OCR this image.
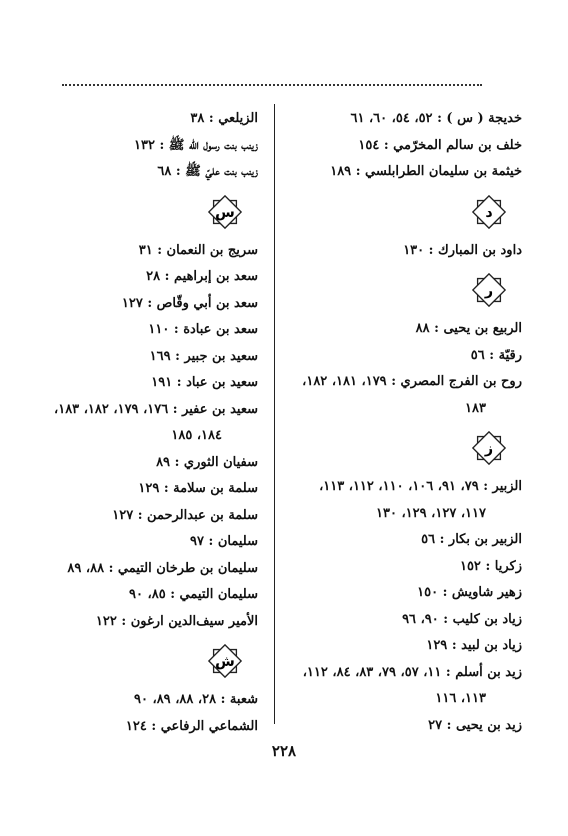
خديجة ( س ) : ٥٢، ٥٤، ٦٠، ٦١
خلف بن سالم المخرّمي : ١٥٤
خيثمة بن سليمان الطرابلسي : ١٨٩
د
داود بن المبارك : ١٣٠
ر
الربيع بن يحيى : ٨٨
رقيّة : ٥٦
روح بن الفرج المصري : ١٧٩، ١٨١، ١٨٢،
١٨٣
ز
الزبير : ٧٩، ٩١، ١٠٦، ١١٠، ١١٢، ١١٣،
١١٧، ١٢٧، ١٢٩، ١٣٠
الزبير بن بكار : ٥٦
زكريا : ١٥٢
زهير شاويش : ١٥٠
زياد بن كليب : ٩٠، ٩٦
زياد بن لبيد : ١٢٩
زيد بن أسلم : ١١، ٥٧، ٧٩، ٨٣، ٨٤، ١١٢،
١١٣، ١١٦
زيد بن يحيى : ٢٧
الزيلعي : ٣٨
زينب بنت رسول الله ﷺ : ١٣٢
زينب بنت عليّ ﷺ : ٦٨
س
سريج بن النعمان : ٣١
سعد بن إبراهيم : ٢٨
سعد بن أبي وقّاص : ١٢٧
سعد بن عبادة : ١١٠
سعيد بن جبير : ١٦٩
سعيد بن عباد : ١٩١
سعيد بن عفير : ١٧٦، ١٧٩، ١٨٢، ١٨٣،
١٨٤، ١٨٥
سفيان الثوري : ٨٩
سلمة بن سلامة : ١٢٩
سلمة بن عبدالرحمن : ١٢٧
سليمان : ٩٧
سليمان بن طرخان التيمي : ٨٨، ٨٩
سليمان التيمي : ٨٥، ٩٠
الأمير سيف‌الدين ارغون : ١٢٢
ش
شعبة : ٢٨، ٨٨، ٨٩، ٩٠
الشماعي الرفاعي : ١٢٤
٢٢٨
